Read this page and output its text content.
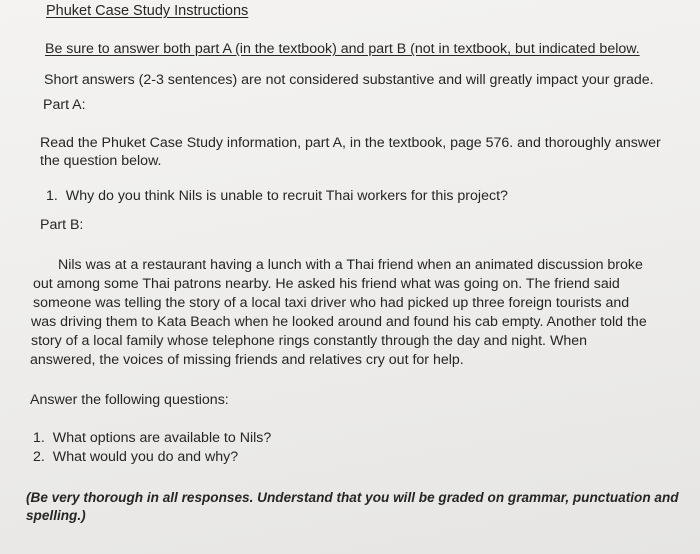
Phuket Case Study Instructions
Be sure to answer both part A (in the textbook) and part B (not in textbook, but indicated below.
Short answers (2-3 sentences) are not considered substantive and will greatly impact your grade.
Part A:
Read the Phuket Case Study information, part A, in the textbook, page 576. and thoroughly answer
the question below.
1. Why do you think Nils is unable to recruit Thai workers for this project?
Part B:
Nils was at a restaurant having a lunch with a Thai friend when an animated discussion broke
out among some Thai patrons nearby. He asked his friend what was going on. The friend said
someone was telling the story of a local taxi driver who had picked up three foreign tourists and
was driving them to Kata Beach when he looked around and found his cab empty. Another told the
story of a local family whose telephone rings constantly through the day and night. When
answered, the voices of missing friends and relatives cry out for help.
Answer the following questions:
1. What options are available to Nils?
2. What would you do and why?
(Be very thorough in all responses. Understand that you will be graded on grammar, punctuation and
spelling.)
